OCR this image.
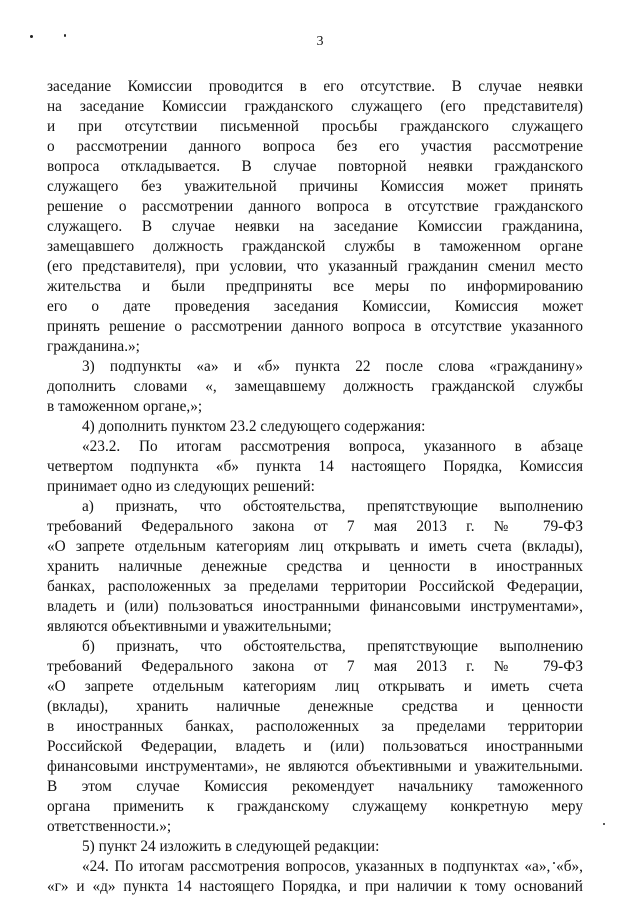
3
заседание Комиссии проводится в его отсутствие. В случае неявки
на заседание Комиссии гражданского служащего (его представителя)
и при отсутствии письменной просьбы гражданского служащего
о рассмотрении данного вопроса без его участия рассмотрение
вопроса откладывается. В случае повторной неявки гражданского
служащего без уважительной причины Комиссия может принять
решение о рассмотрении данного вопроса в отсутствие гражданского
служащего. В случае неявки на заседание Комиссии гражданина,
замещавшего должность гражданской службы в таможенном органе
(его представителя), при условии, что указанный гражданин сменил место
жительства и были предприняты все меры по информированию
его о дате проведения заседания Комиссии, Комиссия может
принять решение о рассмотрении данного вопроса в отсутствие указанного
гражданина.»;
3) подпункты «а» и «б» пункта 22 после слова «гражданину»
дополнить словами «, замещавшему должность гражданской службы
в таможенном органе,»;
4) дополнить пунктом 23.2 следующего содержания:
«23.2. По итогам рассмотрения вопроса, указанного в абзаце
четвертом подпункта «б» пункта 14 настоящего Порядка, Комиссия
принимает одно из следующих решений:
а) признать, что обстоятельства, препятствующие выполнению
требований Федерального закона от 7 мая 2013 г. № 79-ФЗ
«О запрете отдельным категориям лиц открывать и иметь счета (вклады),
хранить наличные денежные средства и ценности в иностранных
банках, расположенных за пределами территории Российской Федерации,
владеть и (или) пользоваться иностранными финансовыми инструментами»,
являются объективными и уважительными;
б) признать, что обстоятельства, препятствующие выполнению
требований Федерального закона от 7 мая 2013 г. № 79-ФЗ
«О запрете отдельным категориям лиц открывать и иметь счета
(вклады), хранить наличные денежные средства и ценности
в иностранных банках, расположенных за пределами территории
Российской Федерации, владеть и (или) пользоваться иностранными
финансовыми инструментами», не являются объективными и уважительными.
В этом случае Комиссия рекомендует начальнику таможенного
органа применить к гражданскому служащему конкретную меру
ответственности.»;
5) пункт 24 изложить в следующей редакции:
«24. По итогам рассмотрения вопросов, указанных в подпунктах «а», «б»,
«г» и «д» пункта 14 настоящего Порядка, и при наличии к тому оснований
